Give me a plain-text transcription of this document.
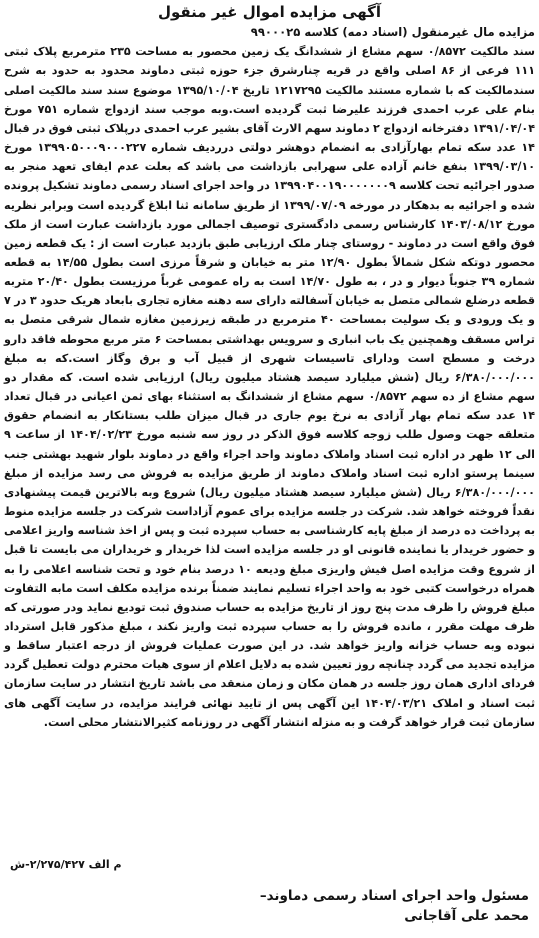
آگهی مزایده اموال غیر منقول

مزایده مال غیرمنقول (اسناد دمه) کلاسه ۹۹۰۰۰۲۵

سند مالکیت ۰/۸۵۷۲ سهم مشاع از ششدانگ یک زمین محصور به مساحت ۲۳۵ مترمربع پلاک ثبتی ۱۱۱ فرعی از ۸۶ اصلی واقع در قریه چنارشرق جزء حوزه ثبتی دماوند محدود به حدود به شرح سندمالکیت که با شماره مستند مالکیت ۱۲۱۷۲۹۵ تاریخ ۱۳۹۵/۱۰/۰۴ موضوع سند سند مالکیت اصلی بنام علی عرب احمدی فرزند علیرضا ثبت گردیده است.وبه موجب سند ازدواج شماره ۷۵۱ مورخ ۱۳۹۱/۰۴/۰۴ دفترخانه ازدواج ۲ دماوند سهم الارث آقای بشیر عرب احمدی درپلاک ثبتی فوق در قبال ۱۴ عدد سکه تمام بهارآزادی به انضمام دوهشر دولتی دررديف شماره ۱۳۹۹۰۵۰۰۰۹۰۰۰۲۲۷ مورخ ۱۳۹۹/۰۳/۱۰ بنفع خانم آزاده علی سهرابی بازداشت می باشد که بعلت عدم ایفای تعهد منجر به صدور اجرائیه تحت کلاسه ۱۳۹۹۰۴۰۰۱۹۰۰۰۰۰۰۰۹ در واحد اجرای اسناد رسمی دماوند تشکیل پرونده شده و اجرائیه به بدهکار در مورخه ۱۳۹۹/۰۷/۰۹ از طریق سامانه ثنا ابلاغ گردیده است وبرابر نظریه مورخ ۱۴۰۳/۰۸/۱۲ کارشناس رسمی دادگستری توصیف اجمالی مورد بازداشت عبارت است از ملک فوق واقع است در دماوند - روستای چنار ملک ارزیابی طبق بازدید عبارت است از : یک قطعه زمین محصور دوتکه شکل شمالاً بطول ۱۲/۹۰ متر به خیابان و شرقاً مرزی است بطول ۱۴/۵۵ به قطعه شماره ۳۹ جنوباً دیوار و در ، به طول ۱۴/۷۰ است به راه عمومی غرباً مرزیست بطول ۲۰/۴۰ متربه قطعه درضلع شمالی متصل به خیابان آسفالته دارای سه دهنه مغازه تجاری بابعاد هریک حدود ۳ در ۷ و یک ورودی و یک سولیت بمساحت ۴۰ مترمربع در طبقه زیرزمین مغازه شمال شرقی متصل به تراس مسقف وهمچنین یک باب انباری و سرویس بهداشتی بمساحت ۶ متر مربع محوطه فاقد دارو درخت و مسطح است ودارای تاسیسات شهری از قبیل آب و برق وگاز است.که به مبلغ ۶/۳۸۰/۰۰۰/۰۰۰ ریال (شش میلیارد سیصد هشتاد میلیون ریال) ارزیابی شده است. که مقدار دو سهم مشاع از ده سهم ۰/۸۵۷۲ سهم مشاع از ششدانگ به استثناء بهای ثمن اعیانی در قبال تعداد ۱۴ عدد سکه تمام بهار آزادی به نرخ یوم جاری در قبال میزان طلب بستانکار به انضمام حقوق متعلقه جهت وصول طلب زوجه کلاسه فوق الذکر در روز سه شنبه مورخ ۱۴۰۴/۰۲/۲۳ از ساعت ۹ الی ۱۲ ظهر در اداره ثبت اسناد واملاک دماوند واحد اجراء واقع در دماوند بلوار شهید بهشتی جنب سینما پرستو اداره ثبت اسناد واملاک دماوند از طریق مزایده به فروش می رسد مزایده از مبلغ ۶/۳۸۰/۰۰۰/۰۰۰ ریال (شش میلیارد سیصد هشتاد میلیون ریال) شروع وبه بالاترین قیمت پیشنهادی نقداً فروخته خواهد شد. شرکت در جلسه مزایده برای عموم آزاداست شرکت در جلسه مزایده منوط به پرداخت ده درصد از مبلغ پایه کارشناسی به حساب سپرده ثبت و پس از اخذ شناسه واریز اعلامی و حضور خریدار یا نماینده قانونی او در جلسه مزایده است لذا خریدار و خریداران می بایست تا قبل از شروع وقت مزایده اصل فیش واریزی مبلغ ودیعه ۱۰ درصد بنام خود و تحت شناسه اعلامی را به همراه درخواست کتبی خود به واحد اجراء تسلیم نمایند ضمناً برنده مزایده مکلف است مابه التفاوت مبلغ فروش را ظرف مدت پنج روز از تاریخ مزایده به حساب صندوق ثبت تودیع نماید ودر صورتی که ظرف مهلت مقرر ، مانده فروش را به حساب سپرده ثبت واریز نکند ، مبلغ مذکور قابل استرداد نبوده وبه حساب خزانه واریز خواهد شد. در این صورت عملیات فروش از درجه اعتبار ساقط و مزایده تجدید می گردد چنانچه روز تعیین شده به دلایل اعلام از سوی هیات محترم دولت تعطیل گردد فردای اداری همان روز جلسه در همان مکان و زمان منعقد می باشد تاریخ انتشار در سایت سازمان ثبت اسناد و املاک ۱۴۰۴/۰۳/۲۱ این آگهی پس از تایید نهائی فرایند مزایده، در سایت آگهی های سازمان ثبت قرار خواهد گرفت و به منزله انتشار آگهی در روزنامه کثیرالانتشار محلی است.

م الف ۲/۲۷۵/۴۲۷-ش
مسئول واحد اجرای اسناد رسمی دماوند–
محمد علی آقاجانی
